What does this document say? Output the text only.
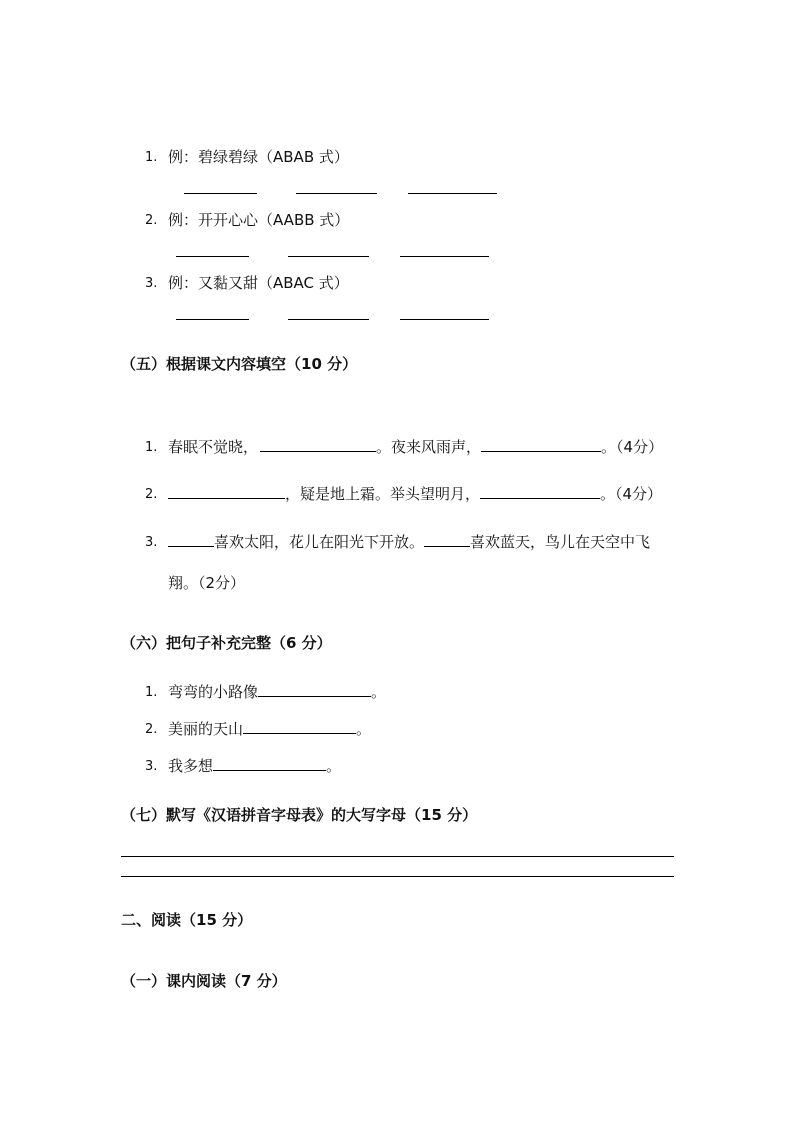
1. 例：碧绿碧绿（ABAB 式）
2. 例：开开心心（AABB 式）
3. 例：又黏又甜（ABAC 式）
（五）根据课文内容填空（10 分）
1. 春眠不觉晓，	。夜来风雨声，	。（4分）
2.	，疑是地上霜。举头望明月，	。（4分）
3.	喜欢太阳，花儿在阳光下开放。	喜欢蓝天，鸟儿在天空中飞
翔。（2分）
（六）把句子补充完整（6 分）
1. 弯弯的小路像	。
2. 美丽的天山	。
3. 我多想	。
（七）默写《汉语拼音字母表》的大写字母（15 分）
二、阅读（15 分）
（一）课内阅读（7 分）
